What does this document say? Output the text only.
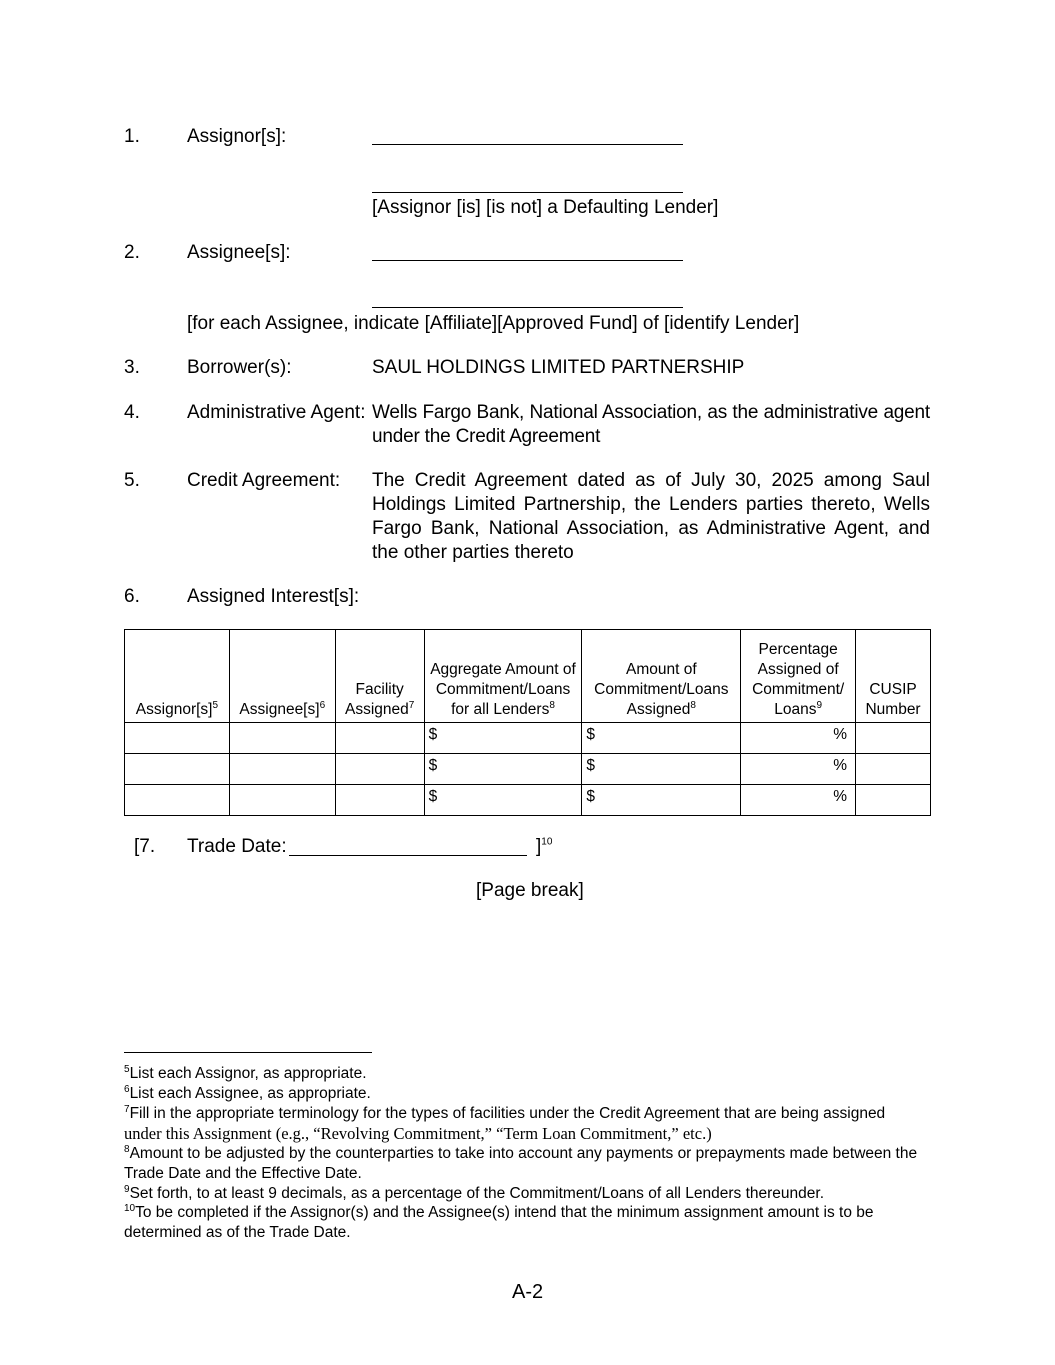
1. Assignor[s]:
[Assignor [is] [is not] a Defaulting Lender]
2. Assignee[s]:
[for each Assignee, indicate [Affiliate][Approved Fund] of [identify Lender]
3. Borrower(s):	SAUL HOLDINGS LIMITED PARTNERSHIP
4. Administrative Agent: Wells Fargo Bank, National Association, as the administrative agent under the Credit Agreement
5. Credit Agreement: The Credit Agreement dated as of July 30, 2025 among Saul Holdings Limited Partnership, the Lenders parties thereto, Wells Fargo Bank, National Association, as Administrative Agent, and the other parties thereto
6. Assigned Interest[s]:
$Assignor[s]^5$	$Assignee[s]^6$	Facility Assigned$^7$	Aggregate Amount of Commitment/Loans for all Lenders$^8$	Amount of Commitment/Loans Assigned$^8$	Percentage Assigned of Commitment/ Loans$^9$	CUSIP Number
			$	$	%	
			$	$	%	
			$	$	%	
[7. Trade Date:	]$^{10}$
[Page break]
$^5$List each Assignor, as appropriate.
$^6$List each Assignee, as appropriate.
$^7$Fill in the appropriate terminology for the types of facilities under the Credit Agreement that are being assigned
under this Assignment (e.g., “Revolving Commitment,” “Term Loan Commitment,” etc.)
$^8$Amount to be adjusted by the counterparties to take into account any payments or prepayments made between the Trade Date and the Effective Date.
$^9$Set forth, to at least 9 decimals, as a percentage of the Commitment/Loans of all Lenders thereunder.
$^{10}$To be completed if the Assignor(s) and the Assignee(s) intend that the minimum assignment amount is to be determined as of the Trade Date.
A-2
